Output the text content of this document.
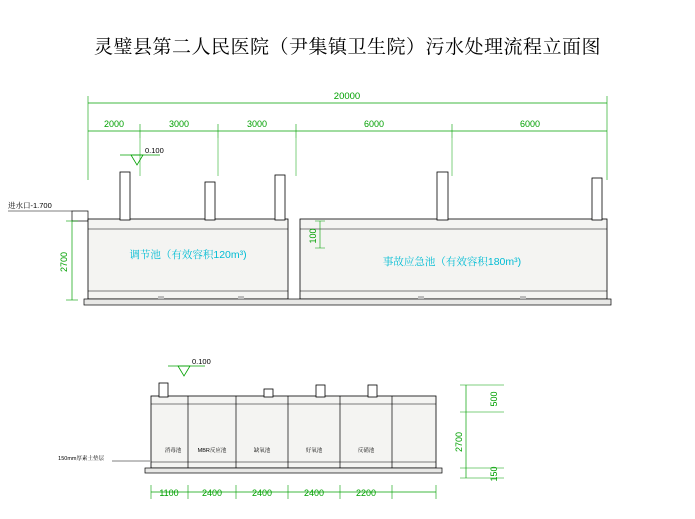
灵璧县第二人民医院（尹集镇卫生院）污水处理流程立面图
20000
2000	3000	3000	6000	6000
0.100
进水口-1.700
2700
100
调节池（有效容积120m³)
事故应急池（有效容积180m³)
0.100
消毒池	MBR反应池	缺氧池	好氧池	反硝池
150mm厚素土垫层
1100	2400	2400	2400	2200
500
2700
150
